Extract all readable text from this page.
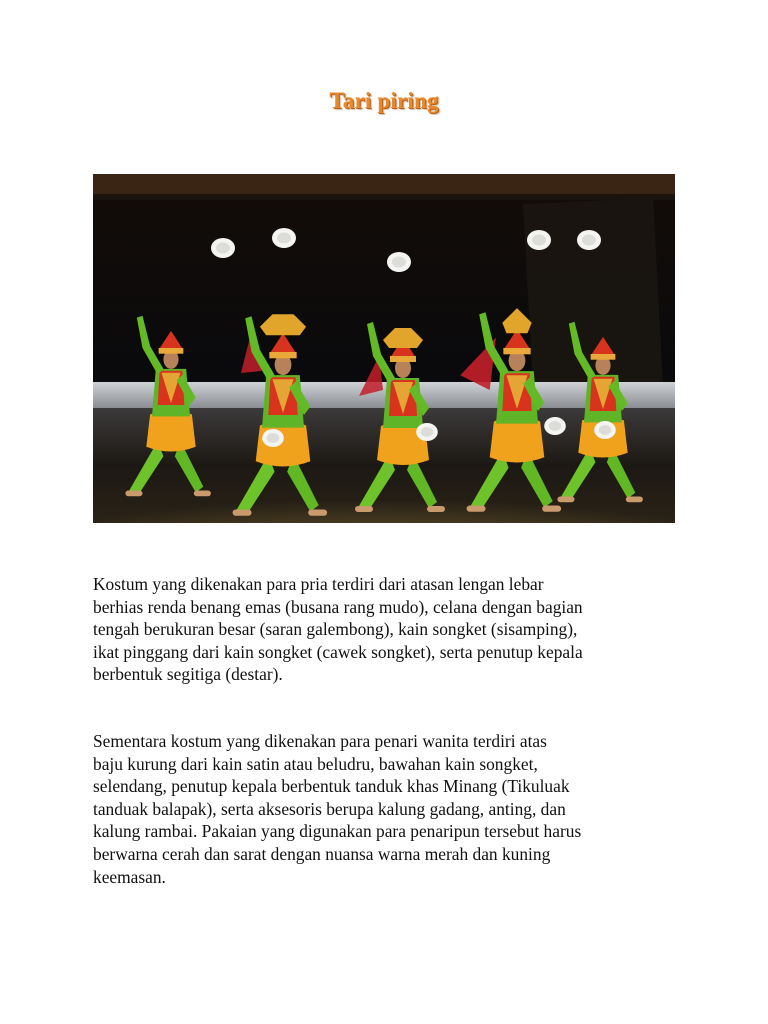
Tari piring

Kostum yang dikenakan para pria terdiri dari atasan lengan lebar
berhias renda benang emas (busana rang mudo), celana dengan bagian
tengah berukuran besar (saran galembong), kain songket (sisamping),
ikat pinggang dari kain songket (cawek songket), serta penutup kepala
berbentuk segitiga (destar).

Sementara kostum yang dikenakan para penari wanita terdiri atas
baju kurung dari kain satin atau beludru, bawahan kain songket,
selendang, penutup kepala berbentuk tanduk khas Minang (Tikuluak
tanduak balapak), serta aksesoris berupa kalung gadang, anting, dan
kalung rambai. Pakaian yang digunakan para penaripun tersebut harus
berwarna cerah dan sarat dengan nuansa warna merah dan kuning
keemasan.
